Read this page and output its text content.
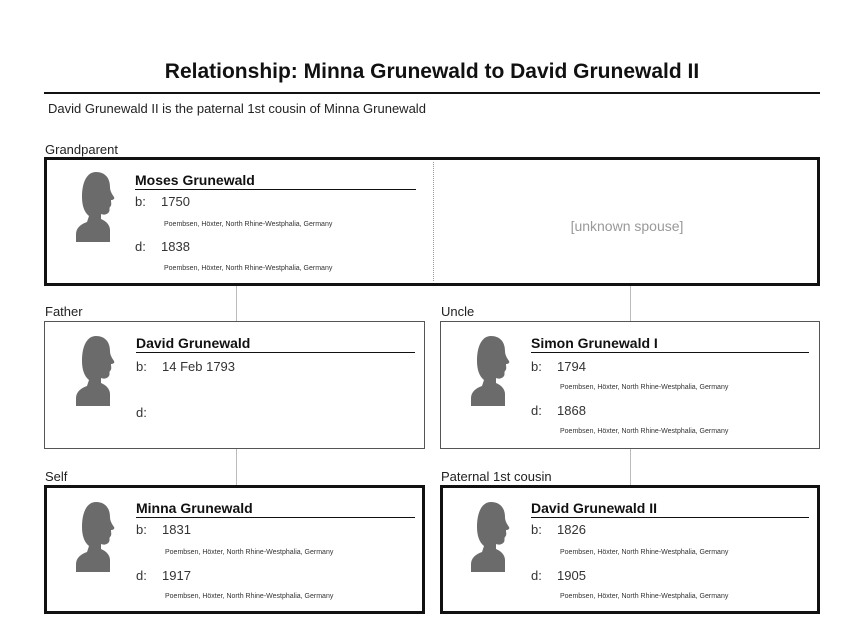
Relationship: Minna Grunewald to David Grunewald II
David Grunewald II is the paternal 1st cousin of Minna Grunewald
Grandparent
Moses Grunewald
b: 1750
Poembsen, Höxter, North Rhine-Westphalia, Germany
d: 1838
Poembsen, Höxter, North Rhine-Westphalia, Germany
[unknown spouse]
Father
David Grunewald
b: 14 Feb 1793
d:
Uncle
Simon Grunewald I
b: 1794
Poembsen, Höxter, North Rhine-Westphalia, Germany
d: 1868
Poembsen, Höxter, North Rhine-Westphalia, Germany
Self
Minna Grunewald
b: 1831
Poembsen, Höxter, North Rhine-Westphalia, Germany
d: 1917
Poembsen, Höxter, North Rhine-Westphalia, Germany
Paternal 1st cousin
David Grunewald II
b: 1826
Poembsen, Höxter, North Rhine-Westphalia, Germany
d: 1905
Poembsen, Höxter, North Rhine-Westphalia, Germany
